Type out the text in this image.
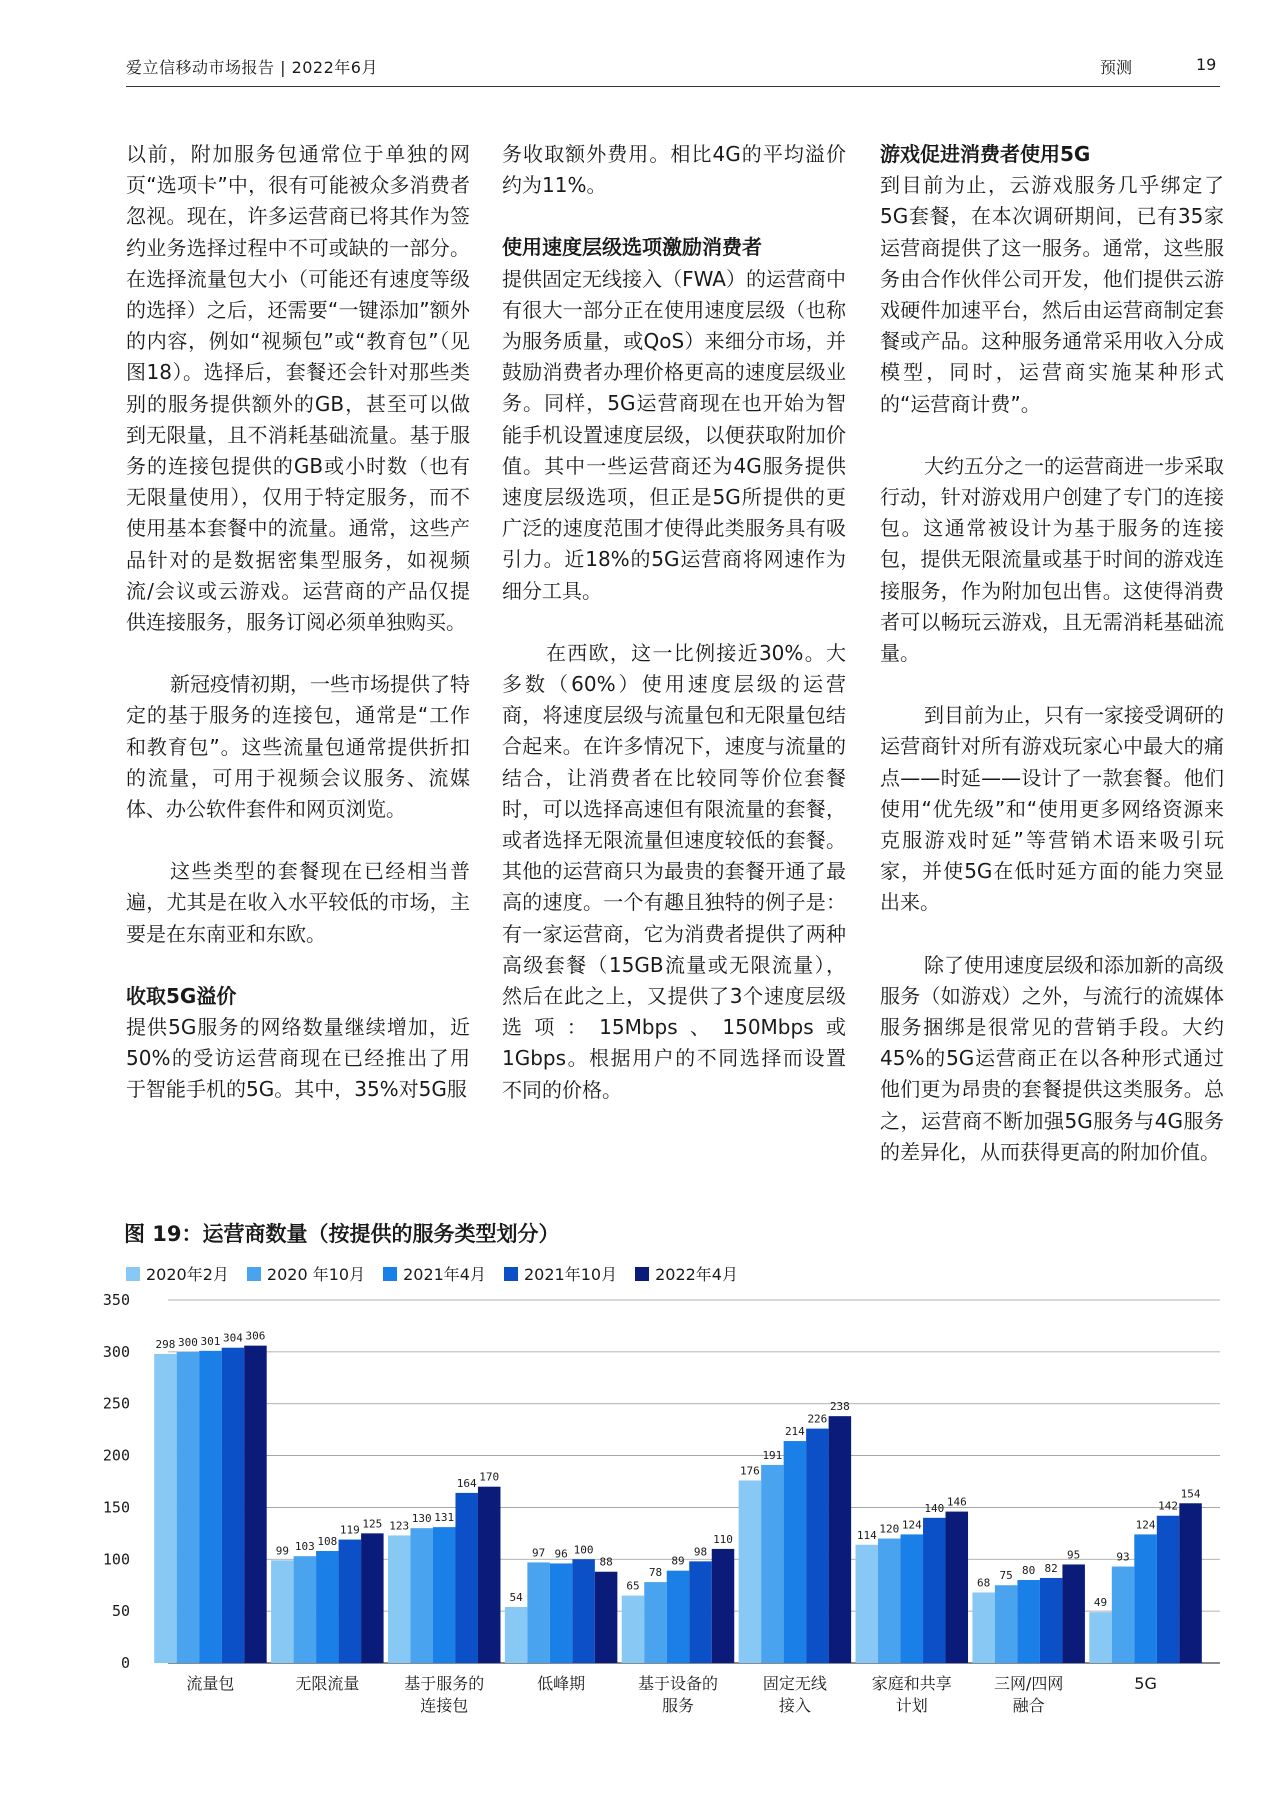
爱立信移动市场报告 | 2022年6月	预测	19

以前，附加服务包通常位于单独的网页“选项卡”中，很有可能被众多消费者忽视。现在，许多运营商已将其作为签约业务选择过程中不可或缺的一部分。在选择流量包大小（可能还有速度等级的选择）之后，还需要“一键添加”额外的内容，例如“视频包”或“教育包”（见图18）。选择后，套餐还会针对那些类别的服务提供额外的GB，甚至可以做到无限量，且不消耗基础流量。基于服务的连接包提供的GB或小时数（也有无限量使用），仅用于特定服务，而不使用基本套餐中的流量。通常，这些产品针对的是数据密集型服务，如视频流/会议或云游戏。运营商的产品仅提供连接服务，服务订阅必须单独购买。

新冠疫情初期，一些市场提供了特定的基于服务的连接包，通常是“工作和教育包”。这些流量包通常提供折扣的流量，可用于视频会议服务、流媒体、办公软件套件和网页浏览。

这些类型的套餐现在已经相当普遍，尤其是在收入水平较低的市场，主要是在东南亚和东欧。

收取5G溢价

提供5G服务的网络数量继续增加，近50%的受访运营商现在已经推出了用于智能手机的5G。其中，35%对5G服

务收取额外费用。相比4G的平均溢价约为11%。

使用速度层级选项激励消费者

提供固定无线接入（FWA）的运营商中有很大一部分正在使用速度层级（也称为服务质量，或QoS）来细分市场，并鼓励消费者办理价格更高的速度层级业务。同样，5G运营商现在也开始为智能手机设置速度层级，以便获取附加价值。其中一些运营商还为4G服务提供速度层级选项，但正是5G所提供的更广泛的速度范围才使得此类服务具有吸引力。近18%的5G运营商将网速作为细分工具。

在西欧，这一比例接近30%。大多数（60%）使用速度层级的运营商，将速度层级与流量包和无限量包结合起来。在许多情况下，速度与流量的结合，让消费者在比较同等价位套餐时，可以选择高速但有限流量的套餐，或者选择无限流量但速度较低的套餐。其他的运营商只为最贵的套餐开通了最高的速度。一个有趣且独特的例子是：有一家运营商，它为消费者提供了两种高级套餐（15GB流量或无限流量），然后在此之上，又提供了3个速度层级选项：15Mbps、150Mbps或1Gbps。根据用户的不同选择而设置不同的价格。

游戏促进消费者使用5G

到目前为止，云游戏服务几乎绑定了5G套餐，在本次调研期间，已有35家运营商提供了这一服务。通常，这些服务由合作伙伴公司开发，他们提供云游戏硬件加速平台，然后由运营商制定套餐或产品。这种服务通常采用收入分成模型，同时，运营商实施某种形式的“运营商计费”。

大约五分之一的运营商进一步采取行动，针对游戏用户创建了专门的连接包。这通常被设计为基于服务的连接包，提供无限流量或基于时间的游戏连接服务，作为附加包出售。这使得消费者可以畅玩云游戏，且无需消耗基础流量。

到目前为止，只有一家接受调研的运营商针对所有游戏玩家心中最大的痛点——时延——设计了一款套餐。他们使用“优先级”和“使用更多网络资源来克服游戏时延”等营销术语来吸引玩家，并使5G在低时延方面的能力突显出来。

除了使用速度层级和添加新的高级服务（如游戏）之外，与流行的流媒体服务捆绑是很常见的营销手段。大约45%的5G运营商正在以各种形式通过他们更为昂贵的套餐提供这类服务。总之，运营商不断加强5G服务与4G服务的差异化，从而获得更高的附加价值。

图 19：运营商数量（按提供的服务类型划分）
2020年2月 2020 年10月 2021年4月 2021年10月 2022年4月
0
50
100
150
200
250
300
350
298 300 301 304 306
流量包
99 103 108
119 125
无限流量
123
130 131
164 170
基于服务的
连接包
54
97 96 100
88
低峰期
65
78
89
98
110
基于设备的
服务
176
191
214
226
238
固定无线
接入
114 120 124
140 146
家庭和共享
计划
68
75 80 82
95
三网/四网
融合
49
93
124
142
154
5G
